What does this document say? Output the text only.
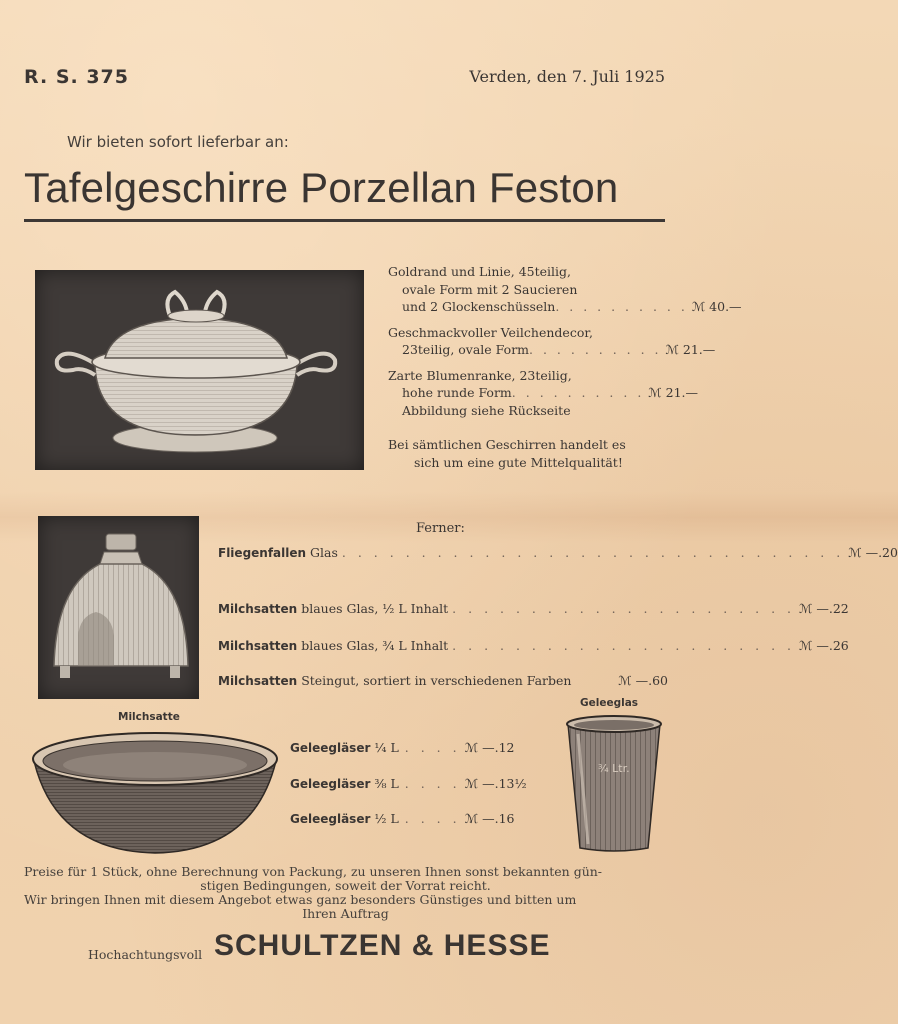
R. S. 375	Verden, den 7. Juli 1925
Wir bieten sofort lieferbar an:
Tafelgeschirre Porzellan Feston
Goldrand und Linie, 45teilig,
ovale Form mit 2 Saucieren
und 2 Glockenschüsseln . . . . . . . . . . ℳ 40.—
Geschmackvoller Veilchendecor,
23teilig, ovale Form . . . . . . . . . . ℳ 21.—
Zarte Blumenranke, 23teilig,
hohe runde Form . . . . . . . . . . ℳ 21.—
Abbildung siehe Rückseite
Bei sämtlichen Geschirren handelt es
sich um eine gute Mittelqualität!
Ferner:
Fliegenfallen
Glas . . . . . . . . . . . . . . . . . . . . . . . . . . . . . . . . ℳ —.20
Milchsatten
blaues Glas, ½ L Inhalt . . . . . . . . . . . . . . . . . . . . . . ℳ —.22
Milchsatten
blaues Glas, ¾ L Inhalt . . . . . . . . . . . . . . . . . . . . . . ℳ —.26
Milchsatten
Steingut, sortiert in verschiedenen Farben	ℳ —.60
Milchsatte
Geleegläser
¼ L . . . . .
ℳ —.12
Geleegläser
⅜ L . . . . .
ℳ —.13½
Geleegläser
½ L . . . . .
ℳ —.16
Geleeglas
¾ Ltr.
Preise für 1 Stück, ohne Berechnung von Packung, zu unseren Ihnen sonst bekannten gün-
stigen Bedingungen, soweit der Vorrat reicht.
Wir bringen Ihnen mit diesem Angebot etwas ganz besonders Günstiges und bitten um
Ihren Auftrag
Hochachtungsvoll SCHULTZEN & HESSE
